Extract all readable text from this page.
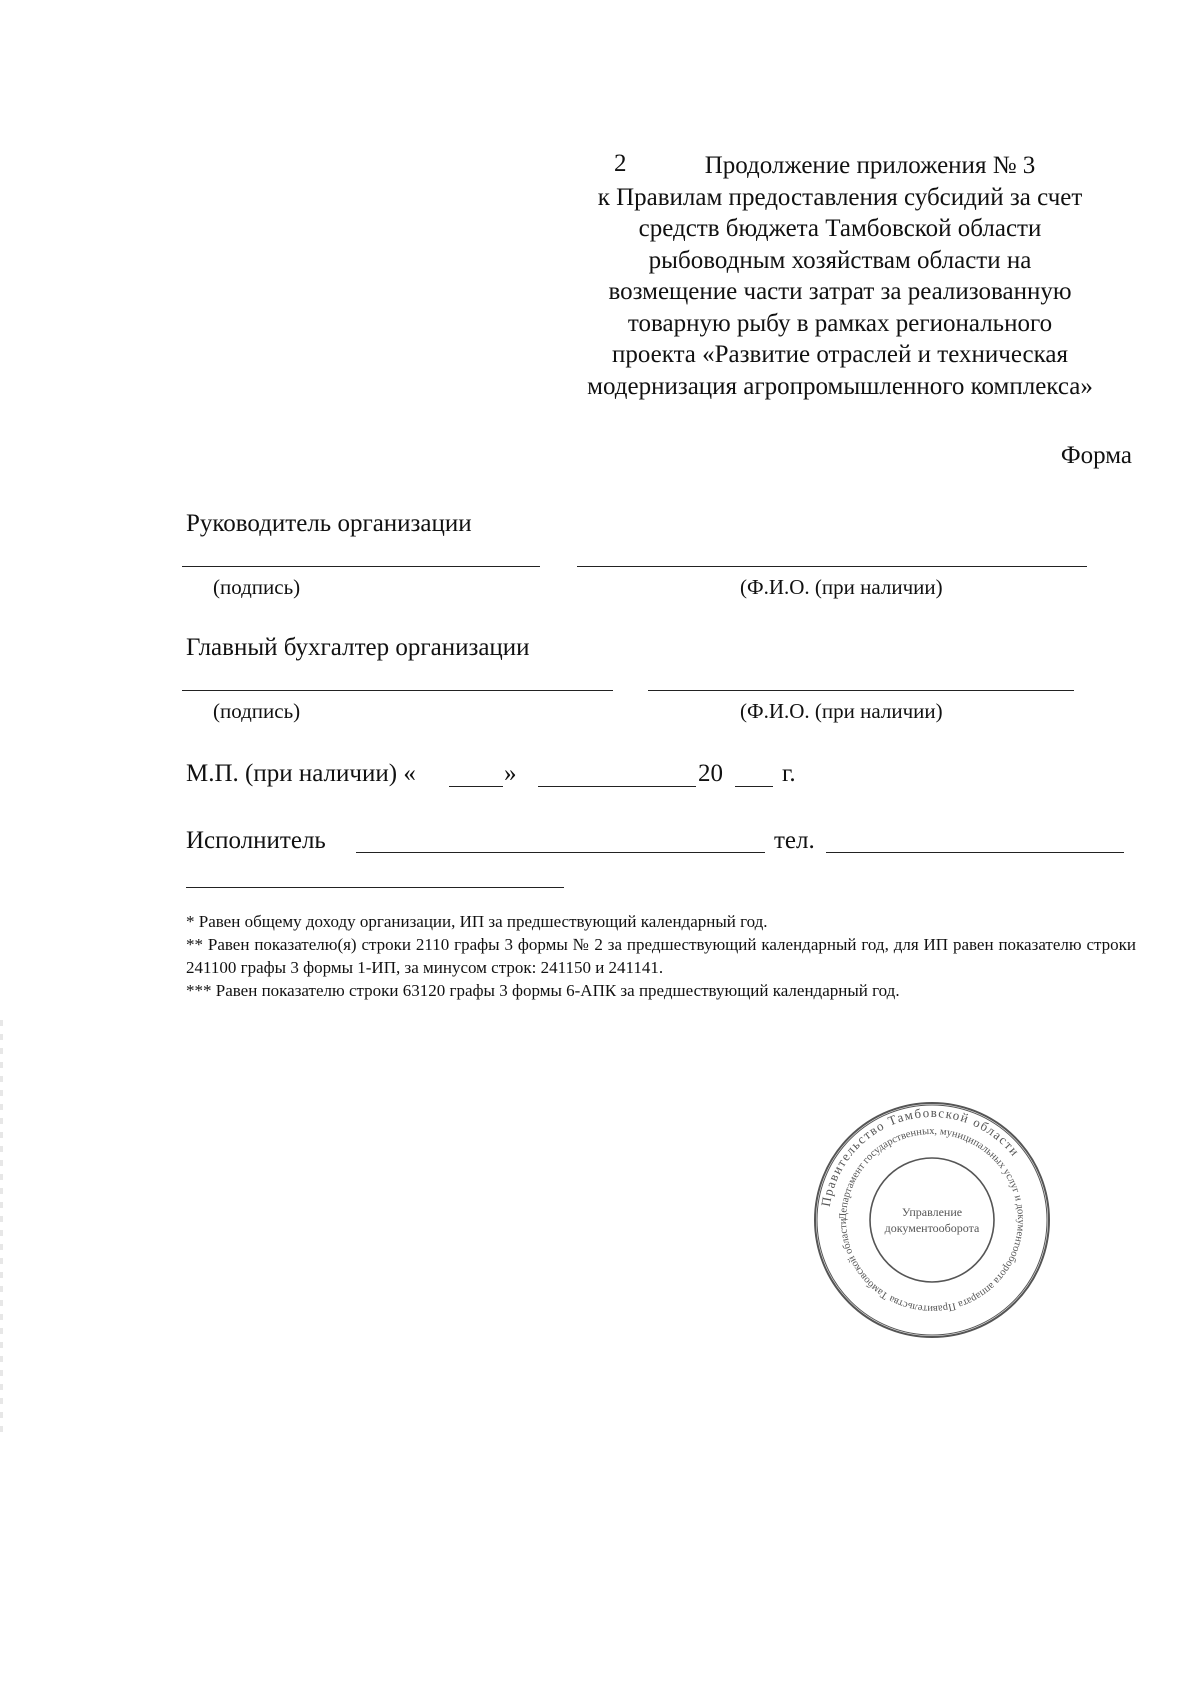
2	Продолжение приложения № 3
к Правилам предоставления субсидий за счет
средств бюджета Тамбовской области
рыбоводным хозяйствам области на
возмещение части затрат за реализованную
товарную рыбу в рамках регионального
проекта «Развитие отраслей и техническая
модернизация агропромышленного комплекса»
Форма
Руководитель организации
(подпись)	(Ф.И.О. (при наличии)
Главный бухгалтер организации
(подпись)	(Ф.И.О. (при наличии)
М.П. (при наличии) «	»	20 г.
Исполнитель	тел.

* Равен общему доходу организации, ИП за предшествующий календарный год.

** Равен показателю(я) строки 2110 графы 3 формы № 2 за предшествующий календарный год, для ИП равен показателю строки 241100 графы 3 формы 1-ИП, за минусом строк: 241150 и 241141.

*** Равен показателю строки 63120 графы 3 формы 6-АПК за предшествующий календарный год.

Правительство Тамбовской области
Департамент государственных, муниципальных услуг и документооборота аппарата Правительства Тамбовской области
Управление
документооборота
